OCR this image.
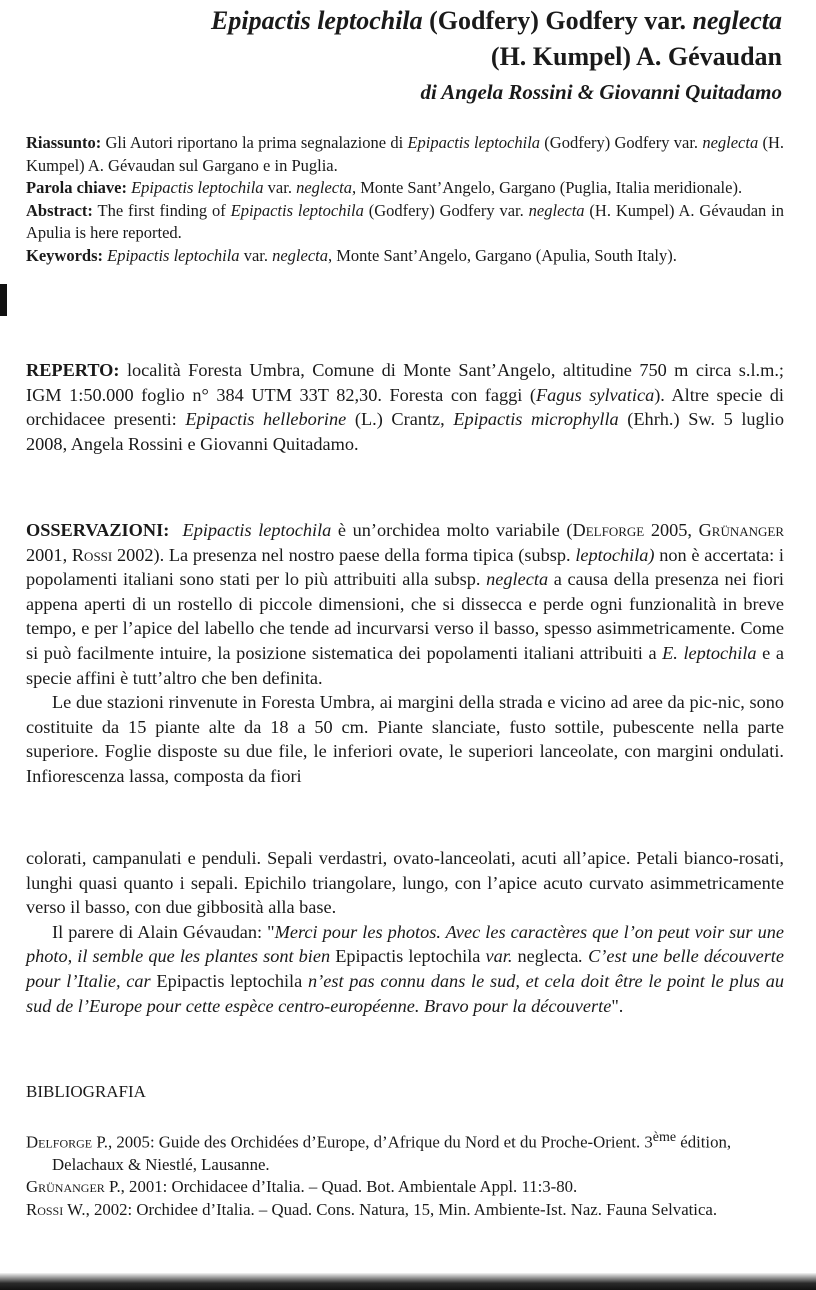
Epipactis leptochila (Godfery) Godfery var. neglecta
(H. Kumpel) A. Gévaudan
di Angela Rossini & Giovanni Quitadamo

Riassunto: Gli Autori riportano la prima segnalazione di Epipactis leptochila (Godfery) Godfery var. neglecta (H. Kumpel) A. Gévaudan sul Gargano e in Puglia.

Parola chiave: Epipactis leptochila var. neglecta, Monte Sant’Angelo, Gargano (Puglia, Italia meridionale).

Abstract: The first finding of Epipactis leptochila (Godfery) Godfery var. neglecta (H. Kumpel) A. Gévaudan in Apulia is here reported.

Keywords: Epipactis leptochila var. neglecta, Monte Sant’Angelo, Gargano (Apulia, South Italy).

REPERTO: località Foresta Umbra, Comune di Monte Sant’Angelo, altitudine 750 m circa s.l.m.; IGM 1:50.000 foglio n° 384 UTM 33T 82,30. Foresta con faggi (Fagus sylvatica). Altre specie di orchidacee presenti: Epipactis helleborine (L.) Crantz, Epipactis microphylla (Ehrh.) Sw. 5 luglio 2008, Angela Rossini e Giovanni Quitadamo.

OSSERVAZIONI: Epipactis leptochila è un’orchidea molto variabile (Delforge 2005, Grünanger 2001, Rossi 2002). La presenza nel nostro paese della forma tipica (subsp. leptochila) non è accertata: i popolamenti italiani sono stati per lo più attribuiti alla subsp. neglecta a causa della presenza nei fiori appena aperti di un rostello di piccole dimensioni, che si dissecca e perde ogni funzionalità in breve tempo, e per l’apice del labello che tende ad incurvarsi verso il basso, spesso asimmetricamente. Come si può facilmente intuire, la posizione sistematica dei popolamenti italiani attribuiti a E. leptochila e a specie affini è tutt’altro che ben definita.

Le due stazioni rinvenute in Foresta Umbra, ai margini della strada e vicino ad aree da pic-nic, sono costituite da 15 piante alte da 18 a 50 cm. Piante slanciate, fusto sottile, pubescente nella parte superiore. Foglie disposte su due file, le inferiori ovate, le superiori lanceolate, con margini ondulati. Infiorescenza lassa, composta da fiori

colorati, campanulati e penduli. Sepali verdastri, ovato-lanceolati, acuti all’apice. Petali bianco-rosati, lunghi quasi quanto i sepali. Epichilo triangolare, lungo, con l’apice acuto curvato asimmetricamente verso il basso, con due gibbosità alla base.

Il parere di Alain Gévaudan: "Merci pour les photos. Avec les caractères que l’on peut voir sur une photo, il semble que les plantes sont bien Epipactis leptochila var. neglecta. C’est une belle découverte pour l’Italie, car Epipactis leptochila n’est pas connu dans le sud, et cela doit être le point le plus au sud de l’Europe pour cette espèce centro-européenne. Bravo pour la découverte".

BIBLIOGRAFIA

Delforge P., 2005: Guide des Orchidées d’Europe, d’Afrique du Nord et du Proche-Orient. 3ème édition, Delachaux & Niestlé, Lausanne.

Grünanger P., 2001: Orchidacee d’Italia. – Quad. Bot. Ambientale Appl. 11:3-80.

Rossi W., 2002: Orchidee d’Italia. – Quad. Cons. Natura, 15, Min. Ambiente-Ist. Naz. Fauna Selvatica.
